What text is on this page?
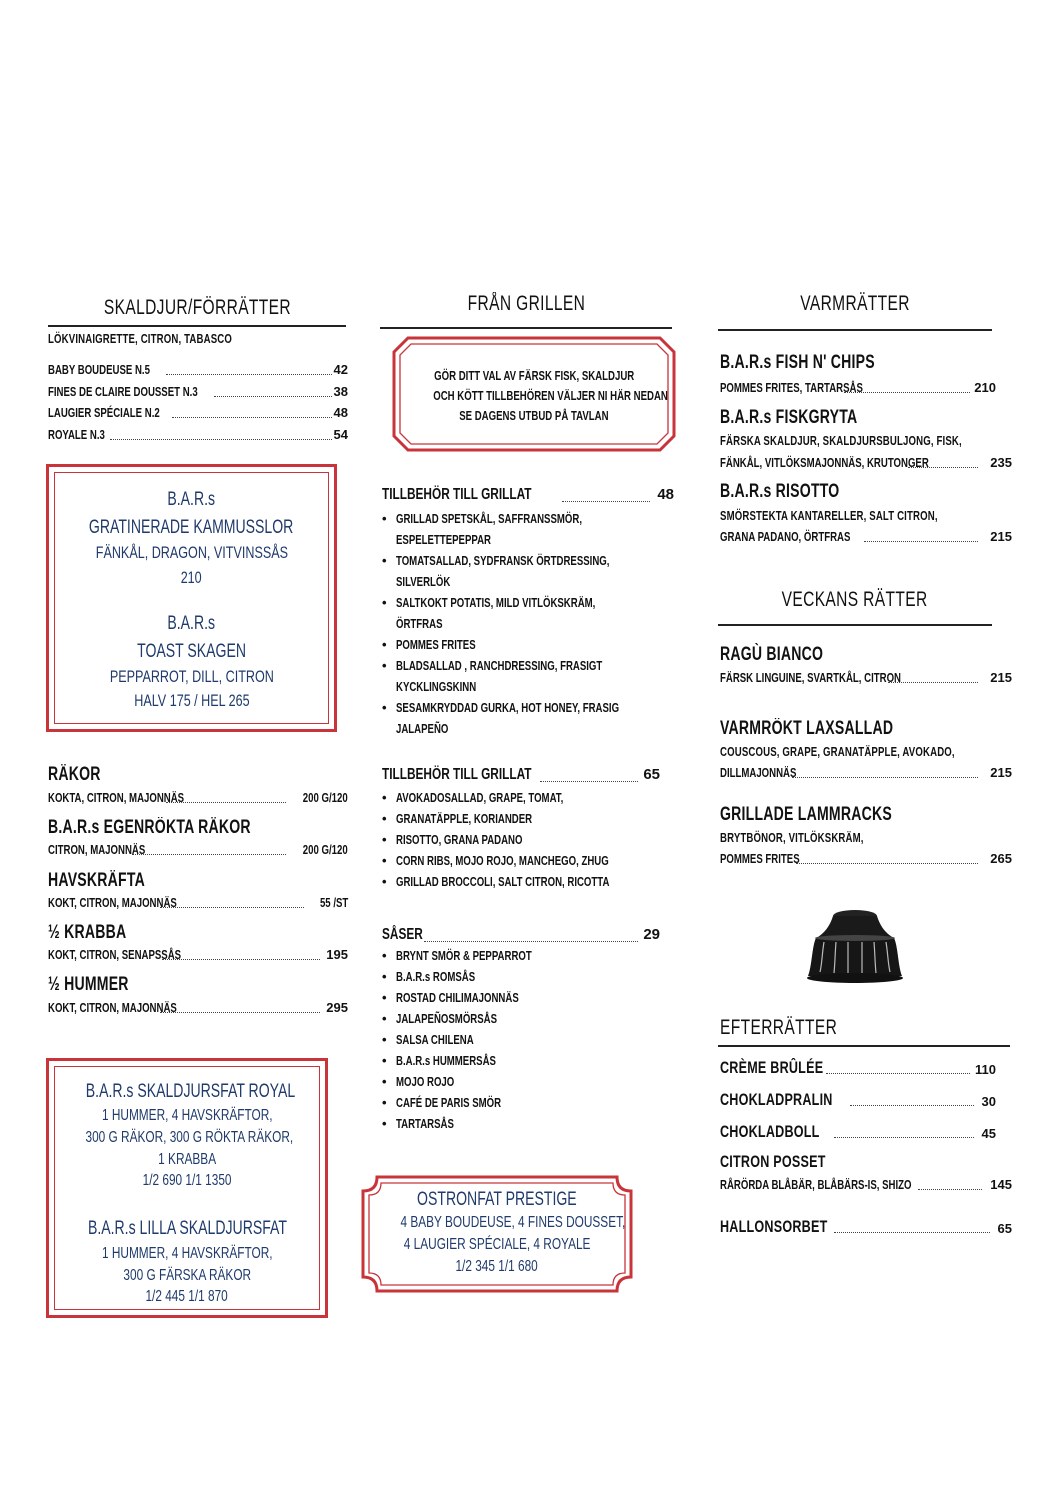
SKALDJUR/FÖRRÄTTER
LÖKVINAIGRETTE, CITRON, TABASCO
BABY BOUDEUSE N.5	42
FINES DE CLAIRE DOUSSET N.3	38
LAUGIER SPÉCIALE N.2	48
ROYALE N.3	54
B.A.R.s
GRATINERADE KAMMUSSLOR
FÄNKÅL, DRAGON, VITVINSSÅS
210
B.A.R.s
TOAST SKAGEN
PEPPARROT, DILL, CITRON
HALV 175 / HEL 265
RÄKOR
KOKTA, CITRON, MAJONNÄS	200 G/120
B.A.R.s EGENRÖKTA RÄKOR
CITRON, MAJONNÄS	200 G/120
HAVSKRÄFTA
KOKT, CITRON, MAJONNÄS	55 /ST
½ KRABBA
KOKT, CITRON, SENAPSSÅS	195
½ HUMMER
KOKT, CITRON, MAJONNÄS	295
B.A.R.s SKALDJURSFAT ROYAL
1 HUMMER, 4 HAVSKRÄFTOR,
300 G RÄKOR, 300 G RÖKTA RÄKOR,
1 KRABBA
1/2 690 1/1 1350
B.A.R.s LILLA SKALDJURSFAT
1 HUMMER, 4 HAVSKRÄFTOR,
300 G FÄRSKA RÄKOR
1/2 445 1/1 870
FRÅN GRILLEN
GÖR DITT VAL AV FÄRSK FISK, SKALDJUR
OCH KÖTT TILLBEHÖREN VÄLJER NI HÄR NEDAN
SE DAGENS UTBUD PÅ TAVLAN
TILLBEHÖR TILL GRILLAT	48
• GRILLAD SPETSKÅL, SAFFRANSSMÖR,
ESPELETTEPEPPAR
• TOMATSALLAD, SYDFRANSK ÖRTDRESSING,
SILVERLÖK
• SALTKOKT POTATIS, MILD VITLÖKSKRÄM,
ÖRTFRAS
• POMMES FRITES
• BLADSALLAD , RANCHDRESSING, FRASIGT
KYCKLINGSKINN
• SESAMKRYDDAD GURKA, HOT HONEY, FRASIG
JALAPEÑO
TILLBEHÖR TILL GRILLAT	65
• AVOKADOSALLAD, GRAPE, TOMAT,
• GRANATÄPPLE, KORIANDER
• RISOTTO, GRANA PADANO
• CORN RIBS, MOJO ROJO, MANCHEGO, ZHUG
• GRILLAD BROCCOLI, SALT CITRON, RICOTTA
SÅSER	29
• BRYNT SMÖR & PEPPARROT
• B.A.R.s ROMSÅS
• ROSTAD CHILIMAJONNÄS
• JALAPEÑOSMÖRSÅS
• SALSA CHILENA
• B.A.R.s HUMMERSÅS
• MOJO ROJO
• CAFÉ DE PARIS SMÖR
• TARTARSÅS
OSTRONFAT PRESTIGE
4 BABY BOUDEUSE, 4 FINES DOUSSET,
4 LAUGIER SPÉCIALE, 4 ROYALE
1/2 345 1/1 680
VARMRÄTTER
B.A.R.s FISH N' CHIPS
POMMES FRITES, TARTARSÅS	210
B.A.R.s FISKGRYTA
FÄRSKA SKALDJUR, SKALDJURSBULJONG, FISK,
FÄNKÅL, VITLÖKSMAJONNÄS, KRUTONGER	235
B.A.R.s RISOTTO
SMÖRSTEKTA KANTARELLER, SALT CITRON,
GRANA PADANO, ÖRTFRAS	215
VECKANS RÄTTER
RAGÙ BIANCO
FÄRSK LINGUINE, SVARTKÅL, CITRON	215
VARMRÖKT LAXSALLAD
COUSCOUS, GRAPE, GRANATÄPPLE, AVOKADO,
DILLMAJONNÄS	215
GRILLADE LAMMRACKS
BRYTBÖNOR, VITLÖKSKRÄM,
POMMES FRITES	265
EFTERRÄTTER
CRÈME BRÛLÉE	110
CHOKLADPRALIN	30
CHOKLADBOLL	45
CITRON POSSET
RÅRÖRDA BLÅBÄR, BLÅBÄRS-IS, SHIZO	145
HALLONSORBET	65
